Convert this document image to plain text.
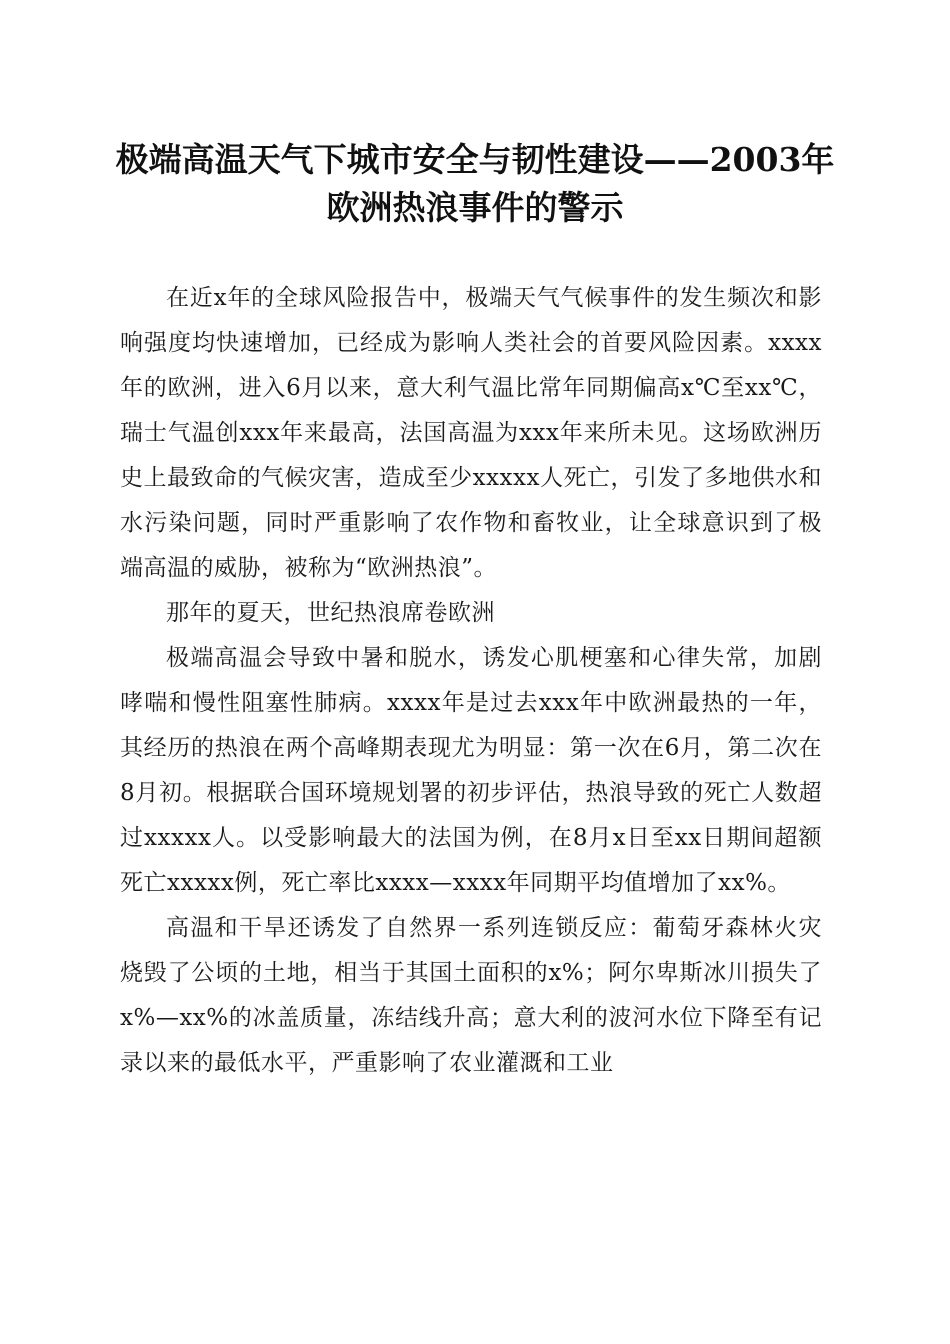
极端高温天气下城市安全与韧性建设——2003年欧洲热浪事件的警示

在近x年的全球风险报告中，极端天气气候事件的发生频次和影响强度均快速增加，已经成为影响人类社会的首要风险因素。xxxx年的欧洲，进入6月以来，意大利气温比常年同期偏高x℃至xx℃，瑞士气温创xxx年来最高，法国高温为xxx年来所未见。这场欧洲历史上最致命的气候灾害，造成至少xxxxx人死亡，引发了多地供水和水污染问题，同时严重影响了农作物和畜牧业，让全球意识到了极端高温的威胁，被称为“欧洲热浪”。

那年的夏天，世纪热浪席卷欧洲

极端高温会导致中暑和脱水，诱发心肌梗塞和心律失常，加剧哮喘和慢性阻塞性肺病。xxxx年是过去xxx年中欧洲最热的一年，其经历的热浪在两个高峰期表现尤为明显：第一次在6月，第二次在8月初。根据联合国环境规划署的初步评估，热浪导致的死亡人数超过xxxxx人。以受影响最大的法国为例，在8月x日至xx日期间超额死亡xxxxx例，死亡率比xxxx—xxxx年同期平均值增加了xx%。

高温和干旱还诱发了自然界一系列连锁反应：葡萄牙森林火灾烧毁了公顷的土地，相当于其国土面积的x%；阿尔卑斯冰川损失了x%—xx%的冰盖质量，冻结线升高；意大利的波河水位下降至有记录以来的最低水平，严重影响了农业灌溉和工业
